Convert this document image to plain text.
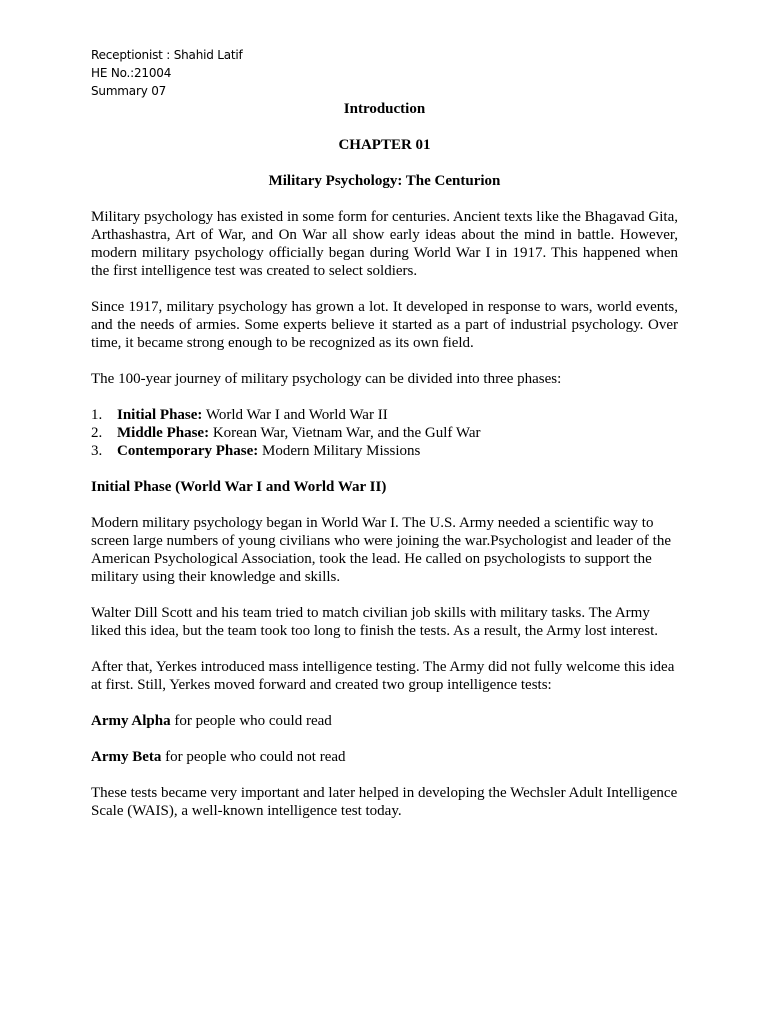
Receptionist : Shahid Latif
HE No.:21004
Summary 07

Introduction

CHAPTER 01

Military Psychology: The Centurion

Military psychology has existed in some form for centuries. Ancient texts like the Bhagavad Gita, Arthashastra, Art of War, and On War all show early ideas about the mind in battle. However, modern military psychology officially began during World War I in 1917. This happened when the first intelligence test was created to select soldiers.

Since 1917, military psychology has grown a lot. It developed in response to wars, world events, and the needs of armies. Some experts believe it started as a part of industrial psychology. Over time, it became strong enough to be recognized as its own field.

The 100-year journey of military psychology can be divided into three phases:

1. Initial Phase: World War I and World War II
2. Middle Phase: Korean War, Vietnam War, and the Gulf War
3. Contemporary Phase: Modern Military Missions

Initial Phase (World War I and World War II)

Modern military psychology began in World War I. The U.S. Army needed a scientific way to screen large numbers of young civilians who were joining the war.Psychologist and leader of the American Psychological Association, took the lead. He called on psychologists to support the military using their knowledge and skills.

Walter Dill Scott and his team tried to match civilian job skills with military tasks. The Army liked this idea, but the team took too long to finish the tests. As a result, the Army lost interest.

After that, Yerkes introduced mass intelligence testing. The Army did not fully welcome this idea at first. Still, Yerkes moved forward and created two group intelligence tests:

Army Alpha for people who could read

Army Beta for people who could not read

These tests became very important and later helped in developing the Wechsler Adult Intelligence Scale (WAIS), a well-known intelligence test today.
